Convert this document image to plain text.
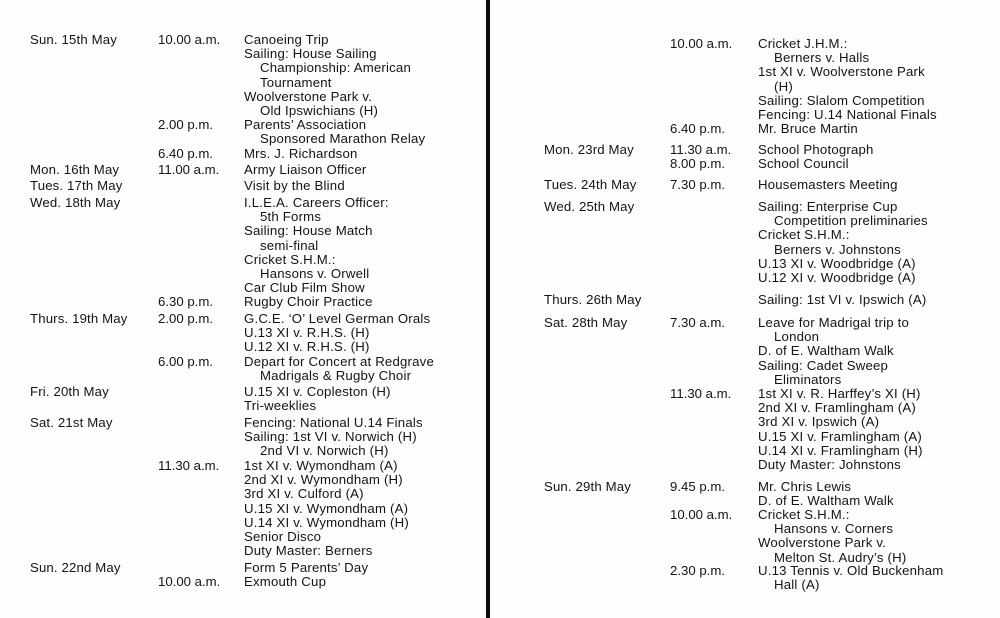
Sun. 15th May	10.00 a.m. Canoeing Trip
Sailing: House Sailing
Championship: American
Tournament
Woolverstone Park v.
Old Ipswichians (H)
2.00 p.m. Parents’ Association
Sponsored Marathon Relay
6.40 p.m. Mrs. J. Richardson
Mon. 16th May	11.00 a.m. Army Liaison Officer
Tues. 17th May	Visit by the Blind
Wed. 18th May	I.L.E.A. Careers Officer:
5th Forms
Sailing: House Match
semi-final
Cricket S.H.M.:
Hansons v. Orwell
Car Club Film Show
6.30 p.m. Rugby Choir Practice
Thurs. 19th May 2.00 p.m. G.C.E. ‘O’ Level German Orals
U.13 XI v. R.H.S. (H)
U.12 XI v. R.H.S. (H)
6.00 p.m. Depart for Concert at Redgrave
Madrigals & Rugby Choir
Fri. 20th May	U.15 XI v. Copleston (H)
Tri-weeklies
Sat. 21st May	Fencing: National U.14 Finals
Sailing: 1st VI v. Norwich (H)
2nd VI v. Norwich (H)
11.30 a.m. 1st XI v. Wymondham (A)
2nd XI v. Wymondham (H)
3rd XI v. Culford (A)
U.15 XI v. Wymondham (A)
U.14 XI v. Wymondham (H)
Senior Disco
Duty Master: Berners
Sun. 22nd May	Form 5 Parents’ Day
10.00 a.m. Exmouth Cup
10.00 a.m. Cricket J.H.M.:
Berners v. Halls
1st XI v. Woolverstone Park
(H)
Sailing: Slalom Competition
Fencing: U.14 National Finals
6.40 p.m.	Mr. Bruce Martin
Mon. 23rd May	11.30 a.m. School Photograph
8.00 p.m.	School Council
Tues. 24th May	7.30 p.m.	Housemasters Meeting
Wed. 25th May	Sailing: Enterprise Cup
Competition preliminaries
Cricket S.H.M.:
Berners v. Johnstons
U.13 XI v. Woodbridge (A)
U.12 XI v. Woodbridge (A)
Thurs. 26th May	Sailing: 1st VI v. Ipswich (A)
Sat. 28th May	7.30 a.m.	Leave for Madrigal trip to
London
D. of E. Waltham Walk
Sailing: Cadet Sweep
Eliminators
11.30 a.m. 1st XI v. R. Harffey’s XI (H)
2nd XI v. Framlingham (A)
3rd XI v. Ipswich (A)
U.15 XI v. Framlingham (A)
U.14 XI v. Framlingham (H)
Duty Master: Johnstons
Sun. 29th May	9.45 p.m.	Mr. Chris Lewis
D. of E. Waltham Walk
10.00 a.m. Cricket S.H.M.:
Hansons v. Corners
Woolverstone Park v.
Melton St. Audry’s (H)
2.30 p.m.	U.13 Tennis v. Old Buckenham
Hall (A)
